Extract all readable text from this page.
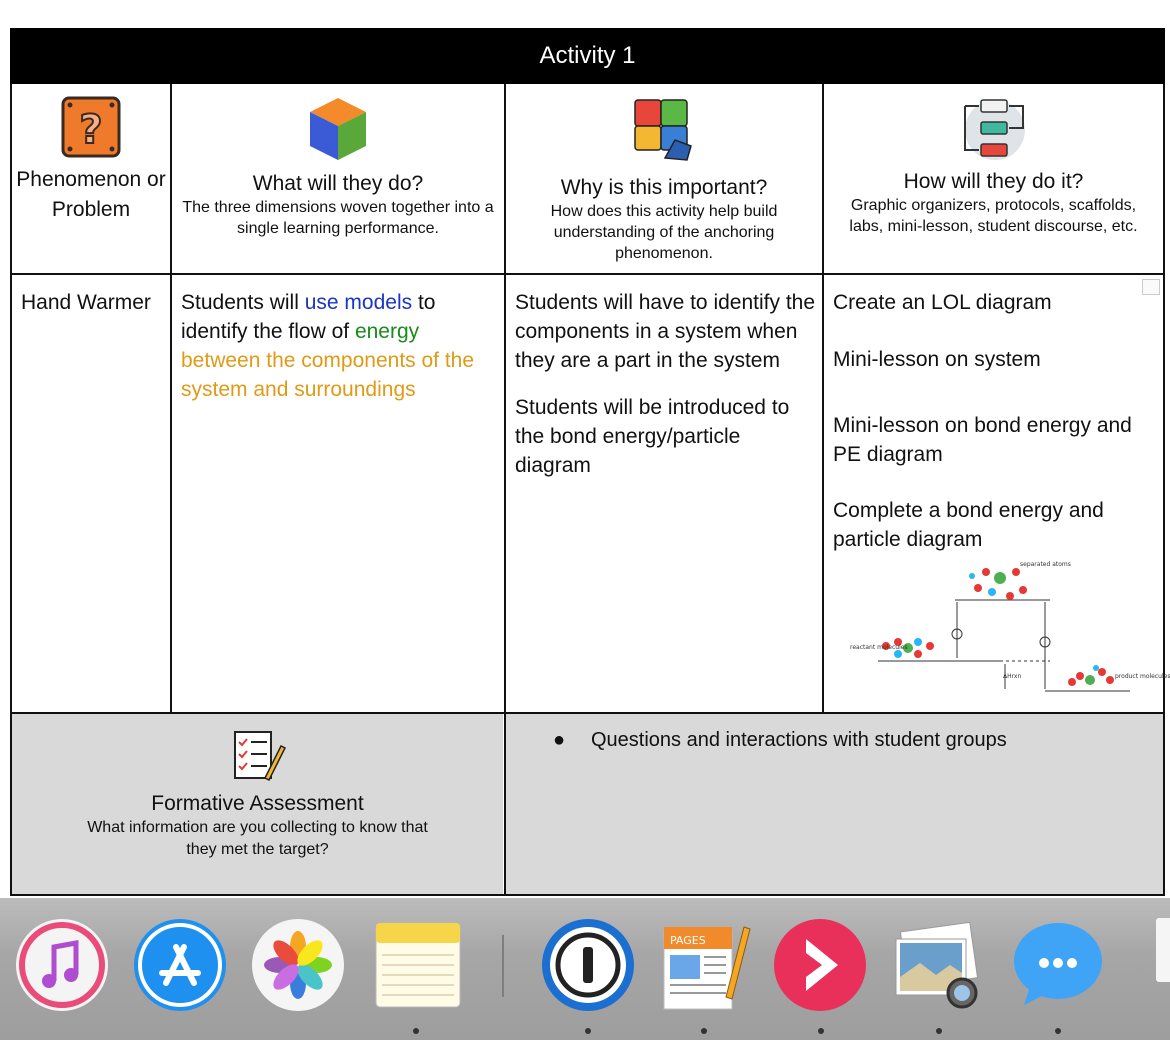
Activity 1
?
Phenomenon or Problem
What will they do?
The three dimensions woven together into a single learning performance.
Why is this important?
How does this activity help build understanding of the anchoring phenomenon.
How will they do it?
Graphic organizers, protocols, scaffolds, labs, mini-lesson, student discourse, etc.
Hand Warmer	Students will use models to identify the flow of energy between the components of the system and surroundings

Students will have to identify the components in a system when they are a part in the system

Students will be introduced to the bond energy/particle diagram

Create an LOL diagram

Mini-lesson on system

Mini-lesson on bond energy and PE diagram

Complete a bond energy and particle diagram

separated atoms
reactant molecules
product molecules
ΔHrxn
Formative Assessment
What information are you collecting to know that they met the target?
● Questions and interactions with student groups
PAGES
